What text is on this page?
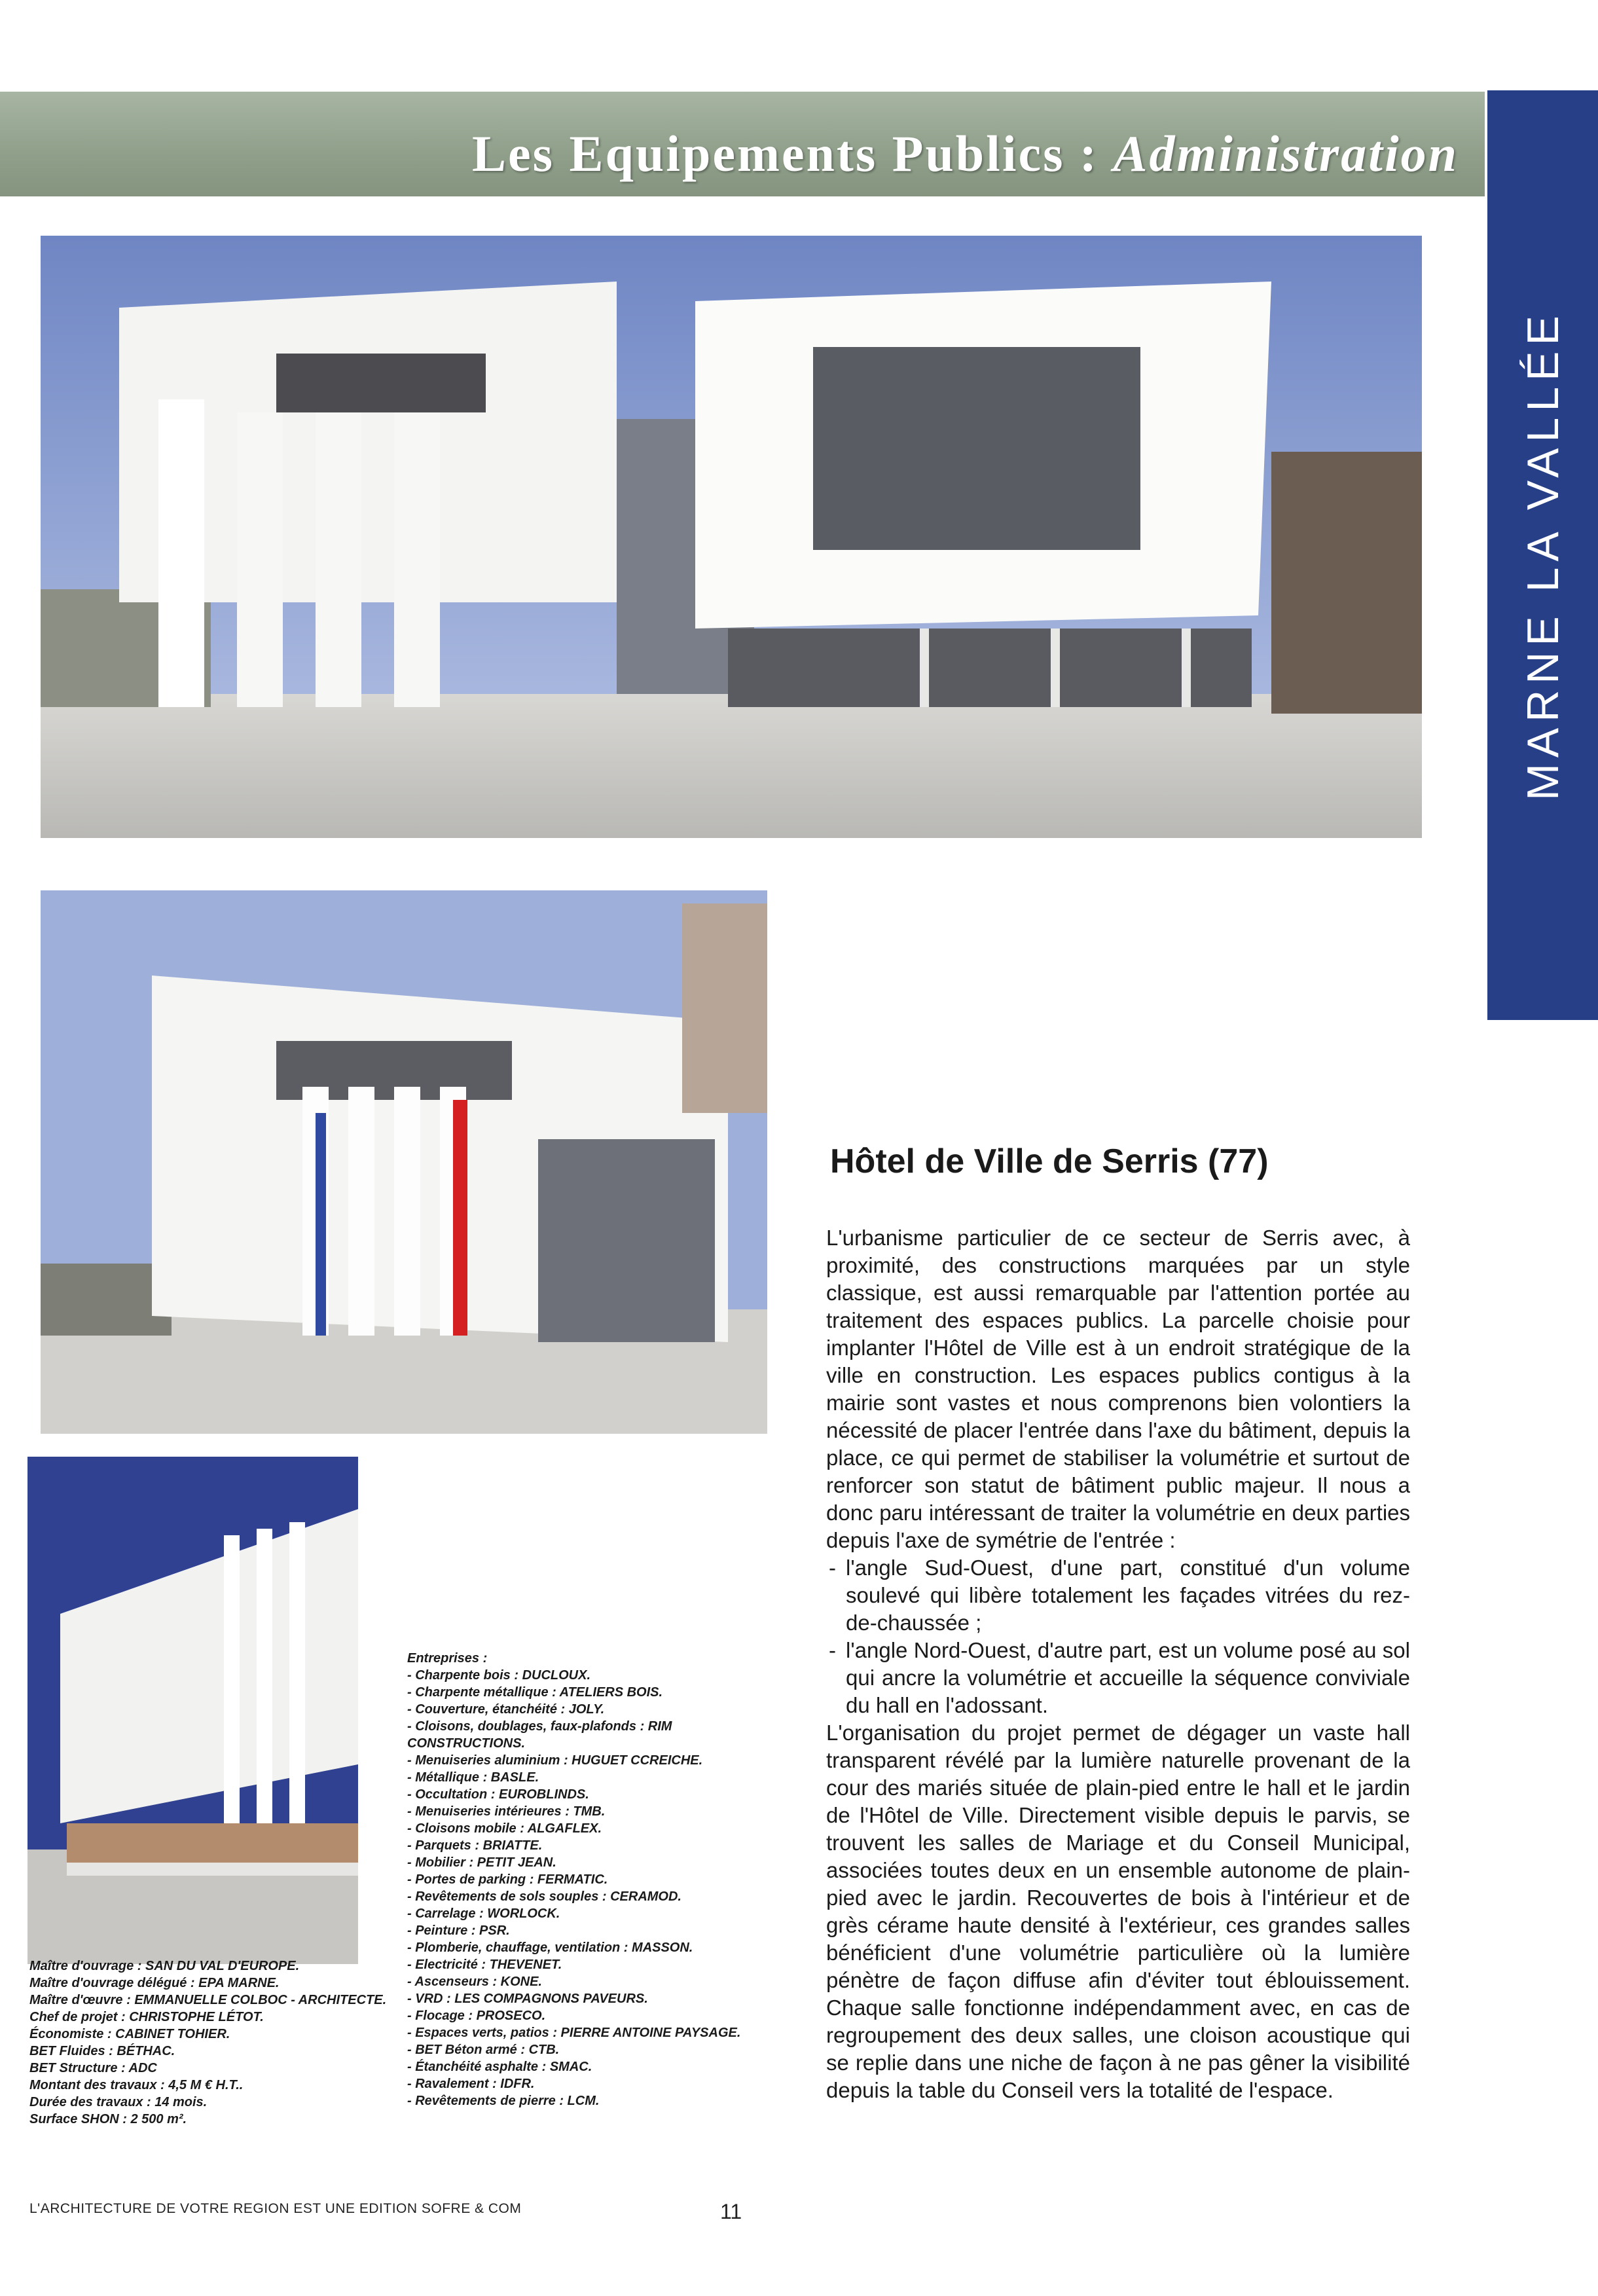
Les Equipements Publics : Administration
MARNE LA VALLÉE
Hôtel de Ville de Serris (77)

L'urbanisme particulier de ce secteur de Serris avec, à proximité, des constructions marquées par un style classique, est aussi remarquable par l'attention portée au traitement des espaces publics. La parcelle choisie pour implanter l'Hôtel de Ville est à un endroit stratégique de la ville en construction. Les espaces publics contigus à la mairie sont vastes et nous comprenons bien volontiers la nécessité de placer l'entrée dans l'axe du bâtiment, depuis la place, ce qui permet de stabiliser la volumétrie et surtout de renforcer son statut de bâtiment public majeur. Il nous a donc paru intéressant de traiter la volumétrie en deux parties depuis l'axe de symétrie de l'entrée :

- l'angle Sud-Ouest, d'une part, constitué d'un volume soulevé qui libère totalement les façades vitrées du rez-de-chaussée ;
- l'angle Nord-Ouest, d'autre part, est un volume posé au sol qui ancre la volumétrie et accueille la séquence conviviale du hall en l'adossant.

L'organisation du projet permet de dégager un vaste hall transparent révélé par la lumière naturelle provenant de la cour des mariés située de plain-pied entre le hall et le jardin de l'Hôtel de Ville. Directement visible depuis le parvis, se trouvent les salles de Mariage et du Conseil Municipal, associées toutes deux en un ensemble autonome de plain-pied avec le jardin. Recouvertes de bois à l'intérieur et de grès cérame haute densité à l'extérieur, ces grandes salles bénéficient d'une volumétrie particulière où la lumière pénètre de façon diffuse afin d'éviter tout éblouissement. Chaque salle fonctionne indépendamment avec, en cas de regroupement des deux salles, une cloison acoustique qui se replie dans une niche de façon à ne pas gêner la visibilité depuis la table du Conseil vers la totalité de l'espace.

Maître d'ouvrage : SAN DU VAL D'EUROPE.
Maître d'ouvrage délégué : EPA MARNE.
Maître d'œuvre : EMMANUELLE COLBOC - ARCHITECTE.
Chef de projet : CHRISTOPHE LÉTOT.
Économiste : CABINET TOHIER.
BET Fluides : BÉTHAC.
BET Structure : ADC
Montant des travaux : 4,5 M € H.T..
Durée des travaux : 14 mois.
Surface SHON : 2 500 m².
Entreprises :
- Charpente bois : DUCLOUX.
- Charpente métallique : ATELIERS BOIS.
- Couverture, étanchéité : JOLY.
- Cloisons, doublages, faux-plafonds : RIM CONSTRUCTIONS.
- Menuiseries aluminium : HUGUET CCREICHE.
- Métallique : BASLE.
- Occultation : EUROBLINDS.
- Menuiseries intérieures : TMB.
- Cloisons mobile : ALGAFLEX.
- Parquets : BRIATTE.
- Mobilier : PETIT JEAN.
- Portes de parking : FERMATIC.
- Revêtements de sols souples : CERAMOD.
- Carrelage : WORLOCK.
- Peinture : PSR.
- Plomberie, chauffage, ventilation : MASSON.
- Electricité : THEVENET.
- Ascenseurs : KONE.
- VRD : LES COMPAGNONS PAVEURS.
- Flocage : PROSECO.
- Espaces verts, patios : PIERRE ANTOINE PAYSAGE.
- BET Béton armé : CTB.
- Étanchéité asphalte : SMAC.
- Ravalement : IDFR.
- Revêtements de pierre : LCM.
L'ARCHITECTURE DE VOTRE REGION EST UNE EDITION SOFRE & COM	11
